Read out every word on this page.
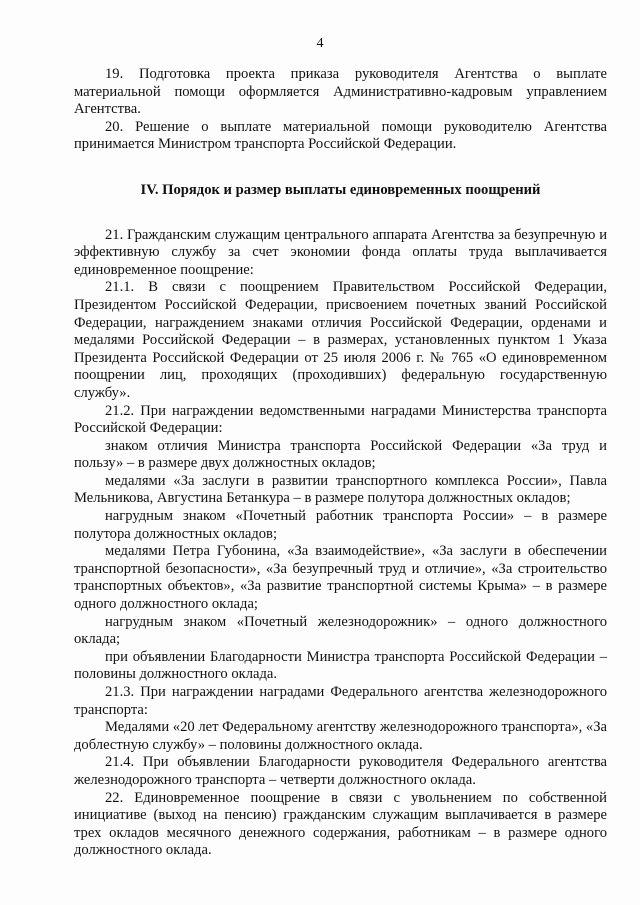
4

19. Подготовка проекта приказа руководителя Агентства о выплате материальной помощи оформляется Административно-кадровым управлением Агентства.

20. Решение о выплате материальной помощи руководителю Агентства принимается Министром транспорта Российской Федерации.

IV. Порядок и размер выплаты единовременных поощрений

21. Гражданским служащим центрального аппарата Агентства за безупречную и эффективную службу за счет экономии фонда оплаты труда выплачивается единовременное поощрение:

21.1. В связи с поощрением Правительством Российской Федерации, Президентом Российской Федерации, присвоением почетных званий Российской Федерации, награждением знаками отличия Российской Федерации, орденами и медалями Российской Федерации – в размерах, установленных пунктом 1 Указа Президента Российской Федерации от 25 июля 2006 г. № 765 «О единовременном поощрении лиц, проходящих (проходивших) федеральную государственную службу».

21.2. При награждении ведомственными наградами Министерства транспорта Российской Федерации:

знаком отличия Министра транспорта Российской Федерации «За труд и пользу» – в размере двух должностных окладов;

медалями «За заслуги в развитии транспортного комплекса России», Павла Мельникова, Августина Бетанкура – в размере полутора должностных окладов;

нагрудным знаком «Почетный работник транспорта России» – в размере полутора должностных окладов;

медалями Петра Губонина, «За взаимодействие», «За заслуги в обеспечении транспортной безопасности», «За безупречный труд и отличие», «За строительство транспортных объектов», «За развитие транспортной системы Крыма» – в размере одного должностного оклада;

нагрудным знаком «Почетный железнодорожник» – одного должностного оклада;

при объявлении Благодарности Министра транспорта Российской Федерации – половины должностного оклада.

21.3. При награждении наградами Федерального агентства железнодорожного транспорта:

Медалями «20 лет Федеральному агентству железнодорожного транспорта», «За доблестную службу» – половины должностного оклада.

21.4. При объявлении Благодарности руководителя Федерального агентства железнодорожного транспорта – четверти должностного оклада.

22. Единовременное поощрение в связи с увольнением по собственной инициативе (выход на пенсию) гражданским служащим выплачивается в размере трех окладов месячного денежного содержания, работникам – в размере одного должностного оклада.
